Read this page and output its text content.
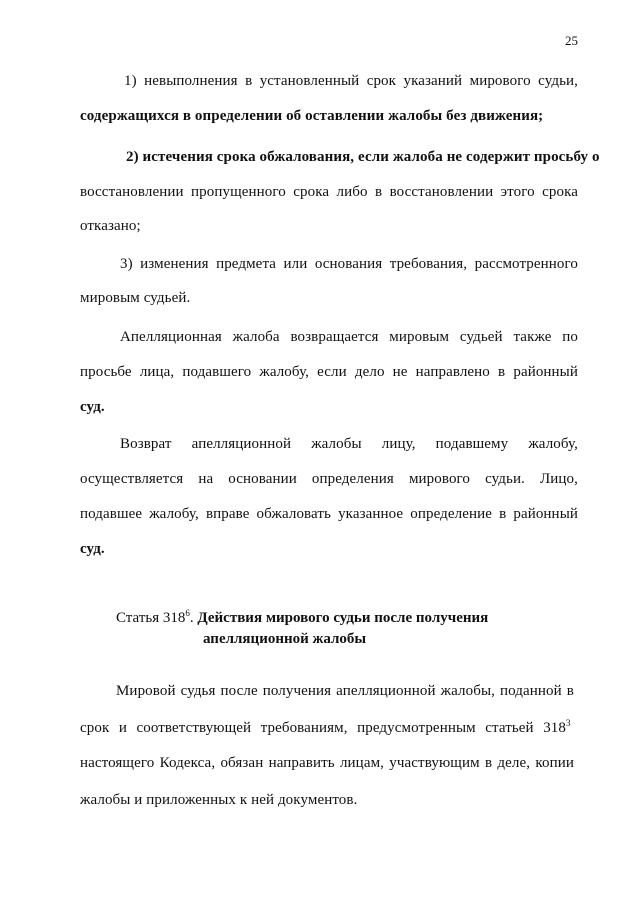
25
1) невыполнения в установленный срок указаний мирового судьи,
содержащихся в определении об оставлении жалобы без движения;
2) истечения срока обжалования, если жалоба не содержит просьбу о
восстановлении пропущенного срока либо в восстановлении этого срока
отказано;
3) изменения предмета или основания требования, рассмотренного
мировым судьей.
Апелляционная жалоба возвращается мировым судьей также по
просьбе лица, подавшего жалобу, если дело не направлено в районный
суд.
Возврат апелляционной жалобы лицу, подавшему жалобу,
осуществляется на основании определения мирового судьи. Лицо,
подавшее жалобу, вправе обжаловать указанное определение в районный
суд.
Статья $318^6$. Действия мирового судьи после получения
апелляционной жалобы
Мировой судья после получения апелляционной жалобы, поданной в
срок и соответствующей требованиям, предусмотренным статьей $318^3$
настоящего Кодекса, обязан направить лицам, участвующим в деле, копии
жалобы и приложенных к ней документов.
